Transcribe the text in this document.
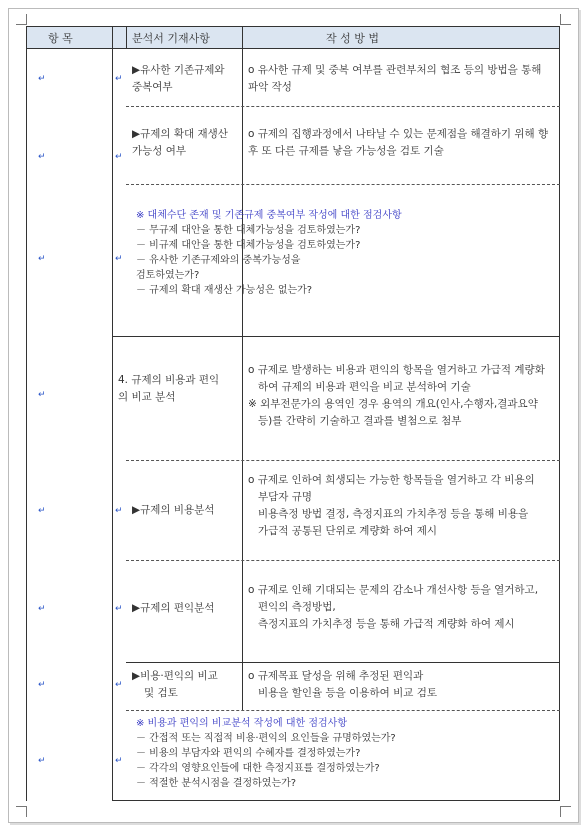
항 목	분석서 기재사항	작 성 방 법
↵
↵
↵
↵
↵
↵
↵
↵
↵
↵
↵
↵
↵
↵
↵
▶유사한 기존규제와 중복여부
o 유사한 규제 및 중복 여부를 관련부처의 협조 등의 방법을 통해 파악 작성
▶규제의 확대 재생산 가능성 여부
o 규제의 집행과정에서 나타날 수 있는 문제점을 해결하기 위해 향후 또 다른 규제를 낳을 가능성을 검토 기술
※ 대체수단 존재 및 기존규제 중복여부 작성에 대한 점검사항
－ 무규제 대안을 통한 대체가능성을 검토하였는가?
－ 비규제 대안을 통한 대체가능성을 검토하였는가?
－ 유사한 기존규제와의 중복가능성을
검토하였는가?
－ 규제의 확대 재생산 가능성은 없는가?
4. 규제의 비용과 편익의 비교 분석
o 규제로 발생하는 비용과 편익의 항목을 열거하고 가급적 계량화
하여 규제의 비용과 편익을 비교 분석하여 기술
※ 외부전문가의 용역인 경우 용역의 개요(인사,수행자,결과요약
등)를 간략히 기술하고 결과를 별첨으로 첨부
▶규제의 비용분석
o 규제로 인하여 희생되는 가능한 항목들을 열거하고 각 비용의
부담자 규명
비용측정 방법 결정, 측정지표의 가치추정 등을 통해 비용을
가급적 공통된 단위로 계량화 하여 제시
▶규제의 편익분석
o 규제로 인해 기대되는 문제의 감소나 개선사항 등을 열거하고,
편익의 측정방법,
측정지표의 가치추정 등을 통해 가급적 계량화 하여 제시
▶비용·편익의 비교
및 검토
o 규제목표 달성을 위해 추정된 편익과
비용을 할인율 등을 이용하여 비교 검토
※ 비용과 편익의 비교분석 작성에 대한 점검사항
－ 간접적 또는 직접적 비용·편익의 요인들을 규명하였는가?
－ 비용의 부담자와 편익의 수혜자를 결정하였는가?
－ 각각의 영향요인들에 대한 측정지표를 결정하였는가?
－ 적절한 분석시점을 결정하였는가?
